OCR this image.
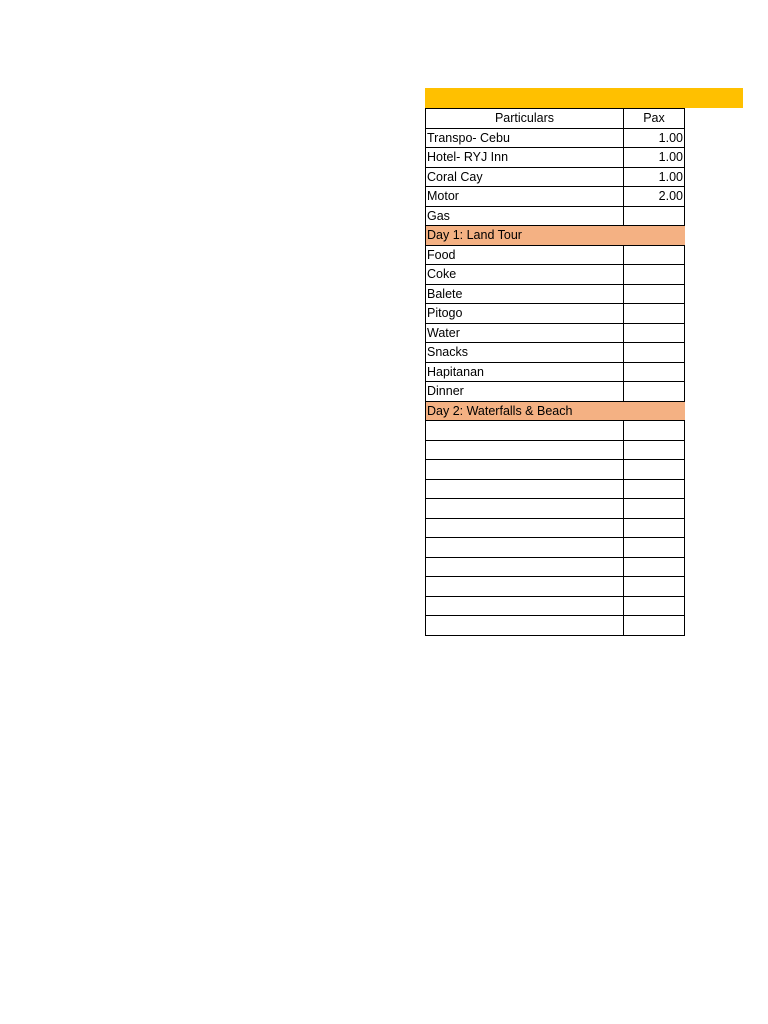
Particulars	Pax
Transpo- Cebu	1.00
Hotel- RYJ Inn	1.00
Coral Cay	1.00
Motor	2.00
Gas	
Day 1: Land Tour	
Food	
Coke	
Balete	
Pitogo	
Water	
Snacks	
Hapitanan	
Dinner	
Day 2: Waterfalls & Beach	
